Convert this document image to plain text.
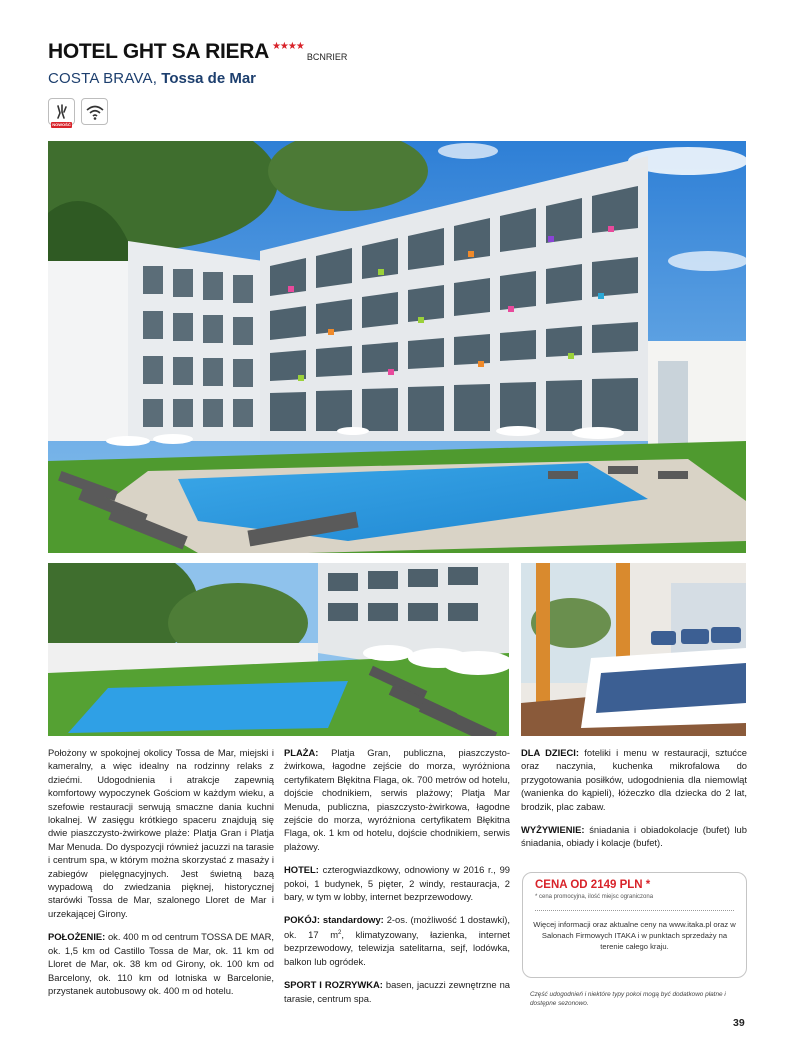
HOTEL GHT SA RIERA ★★★★
BCNRIER
COSTA BRAVA, Tossa de Mar
NOWOŚĆ

Położony w spokojnej okolicy Tossa de Mar, miejski i kameralny, a więc idealny na rodzinny relaks z dziećmi. Udogodnienia i atrakcje zapewnią komfortowy wypoczynek Gościom w każdym wieku, a szefowie restauracji serwują smaczne dania kuchni lokalnej. W zasięgu krótkiego spaceru znajdują się dwie piaszczysto-żwirkowe plaże: Platja Gran i Platja Mar Menuda. Do dyspozycji również jacuzzi na tarasie i centrum spa, w którym można skorzystać z masaży i zabiegów pielęgnacyjnych. Jest świetną bazą wypadową do zwiedzania pięknej, historycznej starówki Tossa de Mar, szalonego Lloret de Mar i urzekającej Girony.

POŁOŻENIE: ok. 400 m od centrum TOSSA DE MAR, ok. 1,5 km od Castillo Tossa de Mar, ok. 11 km od Lloret de Mar, ok. 38 km od Girony, ok. 100 km od Barcelony, ok. 110 km od lotniska w Barcelonie, przystanek autobusowy ok. 400 m od hotelu.

PLAŻA: Platja Gran, publiczna, piaszczysto-żwirkowa, łagodne zejście do morza, wyróżniona certyfikatem Błękitna Flaga, ok. 700 metrów od hotelu, dojście chodnikiem, serwis plażowy; Platja Mar Menuda, publiczna, piaszczysto-żwirkowa, łagodne zejście do morza, wyróżniona certyfikatem Błękitna Flaga, ok. 1 km od hotelu, dojście chodnikiem, serwis plażowy.

HOTEL: czterogwiazdkowy, odnowiony w 2016 r., 99 pokoi, 1 budynek, 5 pięter, 2 windy, restauracja, 2 bary, w tym w lobby, internet bezprzewodowy.

POKÓJ: standardowy: 2-os. (możliwość 1 dostawki), ok. 17 $m^2$, klimatyzowany, łazienka, internet bezprzewodowy, telewizja satelitarna, sejf, lodówka, balkon lub ogródek.

SPORT I ROZRYWKA: basen, jacuzzi zewnętrzne na tarasie, centrum spa.

DLA DZIECI: foteliki i menu w restauracji, sztućce oraz naczynia, kuchenka mikrofalowa do przygotowania posiłków, udogodnienia dla niemowląt (wanienka do kąpieli), łóżeczko dla dziecka do 2 lat, brodzik, plac zabaw.

WYŻYWIENIE: śniadania i obiadokolacje (bufet) lub śniadania, obiady i kolacje (bufet).

CENA OD 2149 PLN *
* cena promocyjna, ilość miejsc ograniczona
Więcej informacji oraz aktualne ceny na www.itaka.pl oraz w Salonach Firmowych ITAKA i w punktach sprzedaży na terenie całego kraju.
Część udogodnień i niektóre typy pokoi mogą być dodatkowo płatne i dostępne sezonowo.
39
